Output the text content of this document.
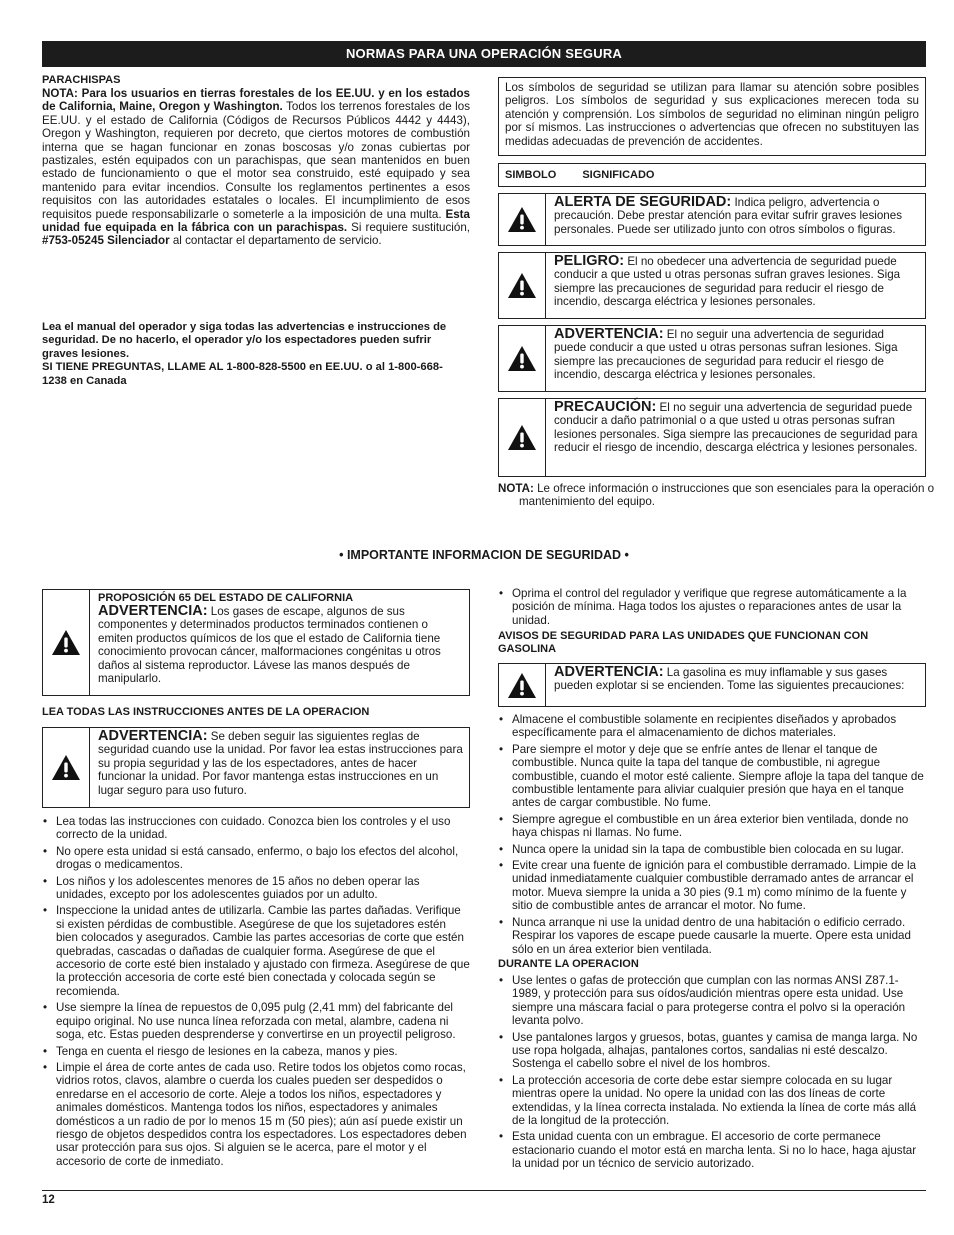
NORMAS PARA UNA OPERACIÓN SEGURA
PARACHISPAS
NOTA: Para los usuarios en tierras forestales de los EE.UU. y en los estados de California, Maine, Oregon y Washington. Todos los terrenos forestales de los EE.UU. y el estado de California (Códigos de Recursos Públicos 4442 y 4443), Oregon y Washington, requieren por decreto, que ciertos motores de combustión interna que se hagan funcionar en zonas boscosas y/o zonas cubiertas por pastizales, estén equipados con un parachispas, que sean mantenidos en buen estado de funcionamiento o que el motor sea construido, esté equipado y sea mantenido para evitar incendios. Consulte los reglamentos pertinentes a esos requisitos con las autoridades estatales o locales. El incumplimiento de esos requisitos puede responsabilizarle o someterle a la imposición de una multa. Esta unidad fue equipada en la fábrica con un parachispas. Si requiere sustitución, #753-05245 Silenciador al contactar el departamento de servicio.
Lea el manual del operador y siga todas las advertencias e instrucciones de seguridad. De no hacerlo, el operador y/o los espectadores pueden sufrir graves lesiones.
SI TIENE PREGUNTAS, LLAME AL 1-800-828-5500 en EE.UU. o al 1-800-668-1238 en Canada
Los símbolos de seguridad se utilizan para llamar su atención sobre posibles peligros. Los símbolos de seguridad y sus explicaciones merecen toda su atención y comprensión. Los símbolos de seguridad no eliminan ningún peligro por sí mismos. Las instrucciones o advertencias que ofrecen no substituyen las medidas adecuadas de prevención de accidentes.
SIMBOLO SIGNIFICADO
ALERTA DE SEGURIDAD: Indica peligro, advertencia o precaución. Debe prestar atención para evitar sufrir graves lesiones personales. Puede ser utilizado junto con otros símbolos o figuras.
PELIGRO: El no obedecer una advertencia de seguridad puede conducir a que usted u otras personas sufran graves lesiones. Siga siempre las precauciones de seguridad para reducir el riesgo de incendio, descarga eléctrica y lesiones personales.
ADVERTENCIA: El no seguir una advertencia de seguridad puede conducir a que usted u otras personas sufran lesiones. Siga siempre las precauciones de seguridad para reducir el riesgo de incendio, descarga eléctrica y lesiones personales.
PRECAUCIÓN: El no seguir una advertencia de seguridad puede conducir a daño patrimonial o a que usted u otras personas sufran lesiones personales. Siga siempre las precauciones de seguridad para reducir el riesgo de incendio, descarga eléctrica y lesiones personales.
NOTA: Le ofrece información o instrucciones que son esenciales para la operación o mantenimiento del equipo.
• IMPORTANTE INFORMACION DE SEGURIDAD •
PROPOSICIÓN 65 DEL ESTADO DE CALIFORNIA
ADVERTENCIA: Los gases de escape, algunos de sus componentes y determinados productos terminados contienen o emiten productos químicos de los que el estado de California tiene conocimiento provocan cáncer, malformaciones congénitas u otros daños al sistema reproductor. Lávese las manos después de manipularlo.
LEA TODAS LAS INSTRUCCIONES ANTES DE LA OPERACION
ADVERTENCIA: Se deben seguir las siguientes reglas de seguridad cuando use la unidad. Por favor lea estas instrucciones para su propia seguridad y las de los espectadores, antes de hacer funcionar la unidad. Por favor mantenga estas instrucciones en un lugar seguro para uso futuro.
• Lea todas las instrucciones con cuidado. Conozca bien los controles y el uso correcto de la unidad.
• No opere esta unidad si está cansado, enfermo, o bajo los efectos del alcohol, drogas o medicamentos.
• Los niños y los adolescentes menores de 15 años no deben operar las unidades, excepto por los adolescentes guiados por un adulto.
• Inspeccione la unidad antes de utilizarla. Cambie las partes dañadas. Verifique si existen pérdidas de combustible. Asegúrese de que los sujetadores estén bien colocados y asegurados. Cambie las partes accesorias de corte que estén quebradas, cascadas o dañadas de cualquier forma. Asegúrese de que el accesorio de corte esté bien instalado y ajustado con firmeza. Asegúrese de que la protección accesoria de corte esté bien conectada y colocada según se recomienda.
• Use siempre la línea de repuestos de 0,095 pulg (2,41 mm) del fabricante del equipo original. No use nunca línea reforzada con metal, alambre, cadena ni soga, etc. Estas pueden desprenderse y convertirse en un proyectil peligroso.
• Tenga en cuenta el riesgo de lesiones en la cabeza, manos y pies.
• Limpie el área de corte antes de cada uso. Retire todos los objetos como rocas, vidrios rotos, clavos, alambre o cuerda los cuales pueden ser despedidos o enredarse en el accesorio de corte. Aleje a todos los niños, espectadores y animales domésticos. Mantenga todos los niños, espectadores y animales domésticos a un radio de por lo menos 15 m (50 pies); aún así puede existir un riesgo de objetos despedidos contra los espectadores. Los espectadores deben usar protección para sus ojos. Si alguien se le acerca, pare el motor y el accesorio de corte de inmediato.
• Oprima el control del regulador y verifique que regrese automáticamente a la posición de mínima. Haga todos los ajustes o reparaciones antes de usar la unidad.
AVISOS DE SEGURIDAD PARA LAS UNIDADES QUE FUNCIONAN CON GASOLINA
ADVERTENCIA: La gasolina es muy inflamable y sus gases pueden explotar si se encienden. Tome las siguientes precauciones:
• Almacene el combustible solamente en recipientes diseñados y aprobados específicamente para el almacenamiento de dichos materiales.
• Pare siempre el motor y deje que se enfríe antes de llenar el tanque de combustible. Nunca quite la tapa del tanque de combustible, ni agregue combustible, cuando el motor esté caliente. Siempre afloje la tapa del tanque de combustible lentamente para aliviar cualquier presión que haya en el tanque antes de cargar combustible. No fume.
• Siempre agregue el combustible en un área exterior bien ventilada, donde no haya chispas ni llamas. No fume.
• Nunca opere la unidad sin la tapa de combustible bien colocada en su lugar.
• Evite crear una fuente de ignición para el combustible derramado. Limpie de la unidad inmediatamente cualquier combustible derramado antes de arrancar el motor. Mueva siempre la unida a 30 pies (9.1 m) como mínimo de la fuente y sitio de combustible antes de arrancar el motor. No fume.
• Nunca arranque ni use la unidad dentro de una habitación o edificio cerrado. Respirar los vapores de escape puede causarle la muerte. Opere esta unidad sólo en un área exterior bien ventilada.
DURANTE LA OPERACION
• Use lentes o gafas de protección que cumplan con las normas ANSI Z87.1-1989, y protección para sus oídos/audición mientras opere esta unidad. Use siempre una máscara facial o para protegerse contra el polvo si la operación levanta polvo.
• Use pantalones largos y gruesos, botas, guantes y camisa de manga larga. No use ropa holgada, alhajas, pantalones cortos, sandalias ni esté descalzo. Sostenga el cabello sobre el nivel de los hombros.
• La protección accesoria de corte debe estar siempre colocada en su lugar mientras opere la unidad. No opere la unidad con las dos líneas de corte extendidas, y la línea correcta instalada. No extienda la línea de corte más allá de la longitud de la protección.
• Esta unidad cuenta con un embrague. El accesorio de corte permanece estacionario cuando el motor está en marcha lenta. Si no lo hace, haga ajustar la unidad por un técnico de servicio autorizado.
12
